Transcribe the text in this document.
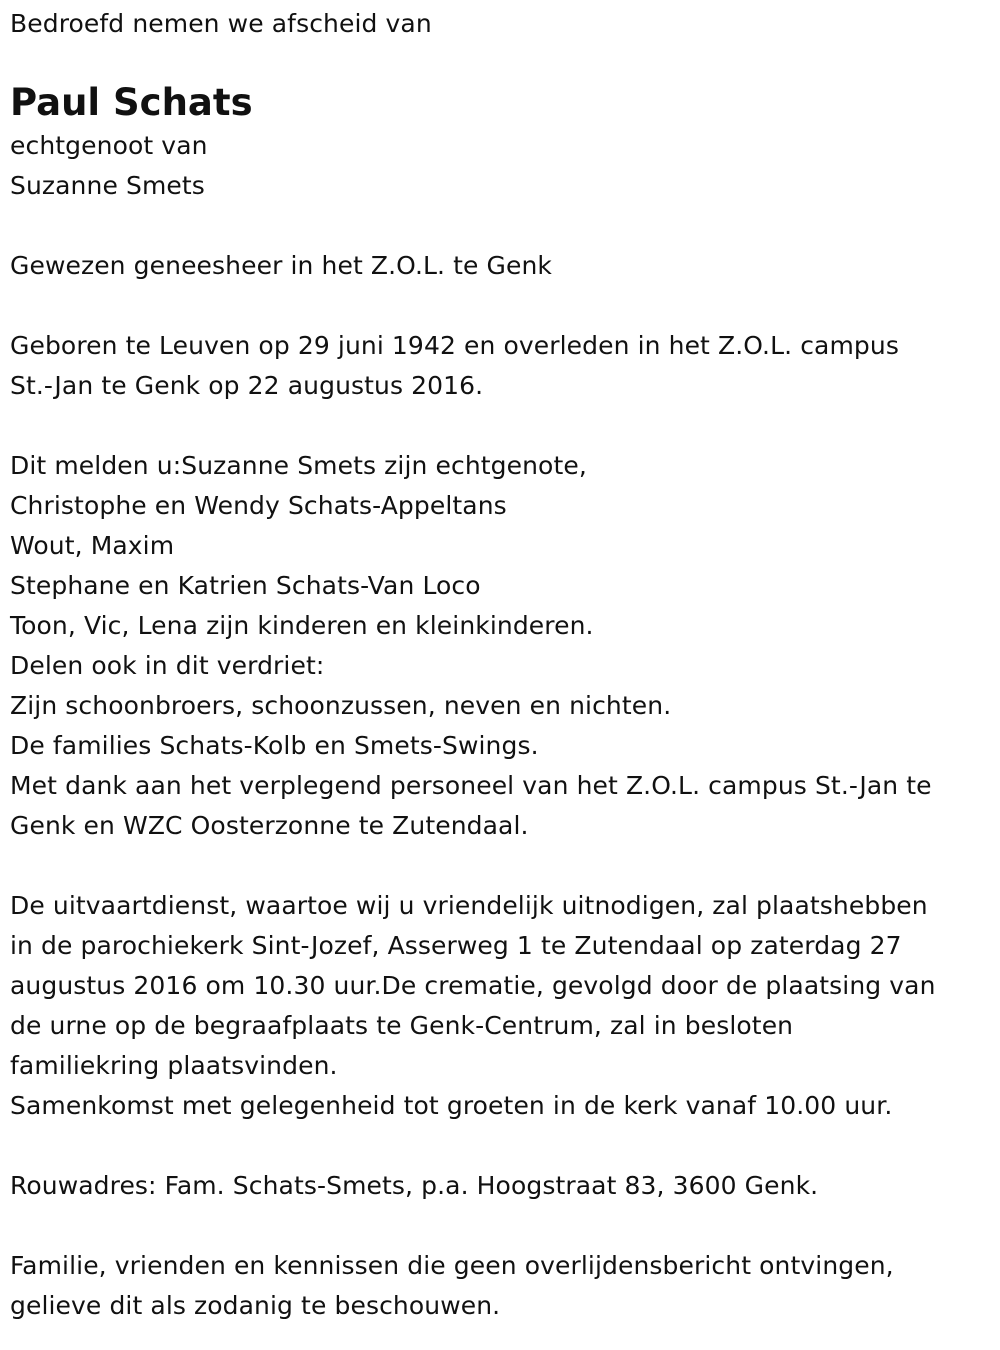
Bedroefd nemen we afscheid van
Paul Schats
echtgenoot van
Suzanne Smets
Gewezen geneesheer in het Z.O.L. te Genk
Geboren te Leuven op 29 juni 1942 en overleden in het Z.O.L. campus
St.-Jan te Genk op 22 augustus 2016.
Dit melden u:Suzanne Smets zijn echtgenote,
Christophe en Wendy Schats-Appeltans
Wout, Maxim
Stephane en Katrien Schats-Van Loco
Toon, Vic, Lena zijn kinderen en kleinkinderen.
Delen ook in dit verdriet:
Zijn schoonbroers, schoonzussen, neven en nichten.
De families Schats-Kolb en Smets-Swings.
Met dank aan het verplegend personeel van het Z.O.L. campus St.-Jan te
Genk en WZC Oosterzonne te Zutendaal.
De uitvaartdienst, waartoe wij u vriendelijk uitnodigen, zal plaatshebben
in de parochiekerk Sint-Jozef, Asserweg 1 te Zutendaal op zaterdag 27
augustus 2016 om 10.30 uur.De crematie, gevolgd door de plaatsing van
de urne op de begraafplaats te Genk-Centrum, zal in besloten
familiekring plaatsvinden.
Samenkomst met gelegenheid tot groeten in de kerk vanaf 10.00 uur.
Rouwadres: Fam. Schats-Smets, p.a. Hoogstraat 83, 3600 Genk.
Familie, vrienden en kennissen die geen overlijdensbericht ontvingen,
gelieve dit als zodanig te beschouwen.
